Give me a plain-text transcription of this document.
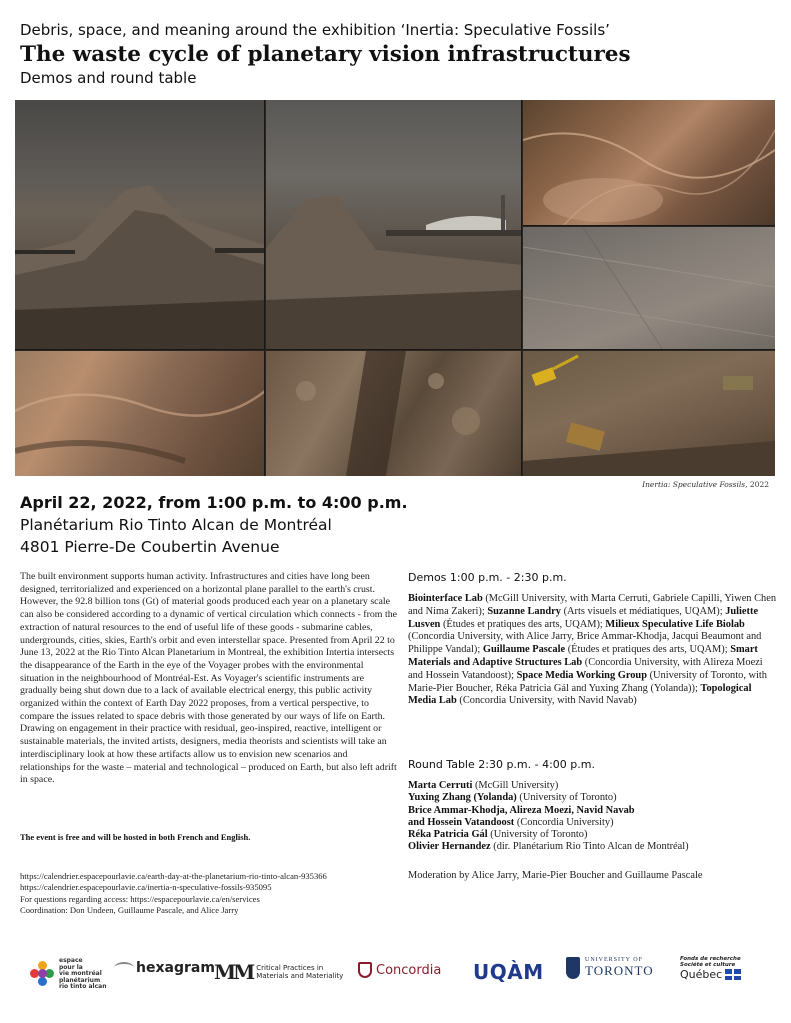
Debris, space, and meaning around the exhibition ‘Inertia: Speculative Fossils’
The waste cycle of planetary vision infrastructures
Demos and round table
Inertia: Speculative Fossils, 2022
April 22, 2022, from 1:00 p.m. to 4:00 p.m.
Planétarium Rio Tinto Alcan de Montréal
4801 Pierre-De Coubertin Avenue
The built environment supports human activity. Infrastructures and cities have long been designed, territorialized and experienced on a horizontal plane parallel to the earth's crust. However, the 92.8 billion tons (Gt) of material goods produced each year on a planetary scale can also be considered according to a dynamic of vertical circulation which connects - from the extraction of natural resources to the end of useful life of these goods - submarine cables, undergrounds, cities, skies, Earth's orbit and even interstellar space. Presented from April 22 to June 13, 2022 at the Rio Tinto Alcan Planetarium in Montreal, the exhibition Intertia intersects the disappearance of the Earth in the eye of the Voyager probes with the environmental situation in the neighbourhood of Montréal-Est. As Voyager's scientific instruments are gradually being shut down due to a lack of available electrical energy, this public activity organized within the context of Earth Day 2022 proposes, from a vertical perspective, to compare the issues related to space debris with those generated by our ways of life on Earth. Drawing on engagement in their practice with residual, geo-inspired, reactive, intelligent or sustainable materials, the invited artists, designers, media theorists and scientists will take an interdisciplinary look at how these artifacts allow us to envision new scenarios and relationships for the waste – material and technological – produced on Earth, but also left adrift in space.
The event is free and will be hosted in both French and English.
https://calendrier.espacepourlavie.ca/earth-day-at-the-planetarium-rio-tinto-alcan-935366
https://calendrier.espacepourlavie.ca/inertia-n-speculative-fossils-935095
For questions regarding access: https://espacepourlavie.ca/en/services
Coordination: Don Undeen, Guillaume Pascale, and Alice Jarry
Demos 1:00 p.m. - 2:30 p.m.
Biointerface Lab (McGill University, with Marta Cerruti, Gabriele Capilli, Yiwen Chen and Nima Zakeri); Suzanne Landry (Arts visuels et médiatiques, UQAM); Juliette Lusven (Études et pratiques des arts, UQAM); Milieux Speculative Life Biolab (Concordia University, with Alice Jarry, Brice Ammar-Khodja, Jacqui Beaumont and Philippe Vandal); Guillaume Pascale (Études et pratiques des arts, UQAM); Smart Materials and Adaptive Structures Lab (Concordia University, with Alireza Moezi and Hossein Vatandoost); Space Media Working Group (University of Toronto, with Marie-Pier Boucher, Réka Patricia Gál and Yuxing Zhang (Yolanda)); Topological Media Lab (Concordia University, with Navid Navab)
Round Table 2:30 p.m. - 4:00 p.m.
Marta Cerruti (McGill University)
Yuxing Zhang (Yolanda) (University of Toronto)
Brice Ammar-Khodja, Alireza Moezi, Navid Navab
and Hossein Vatandoost (Concordia University)
Réka Patricia Gál (University of Toronto)
Olivier Hernandez (dir. Planétarium Rio Tinto Alcan de Montréal)
Moderation by Alice Jarry, Marie-Pier Boucher and Guillaume Pascale
espace
pour la
vie montréal
planétarium
rio tinto alcan
hexagram MM Critical Practices in
Materials and Materiality	Concordia UQÀM	UNIVERSITY OF
TORONTO
Fonds de recherche
Société et culture
Québec
